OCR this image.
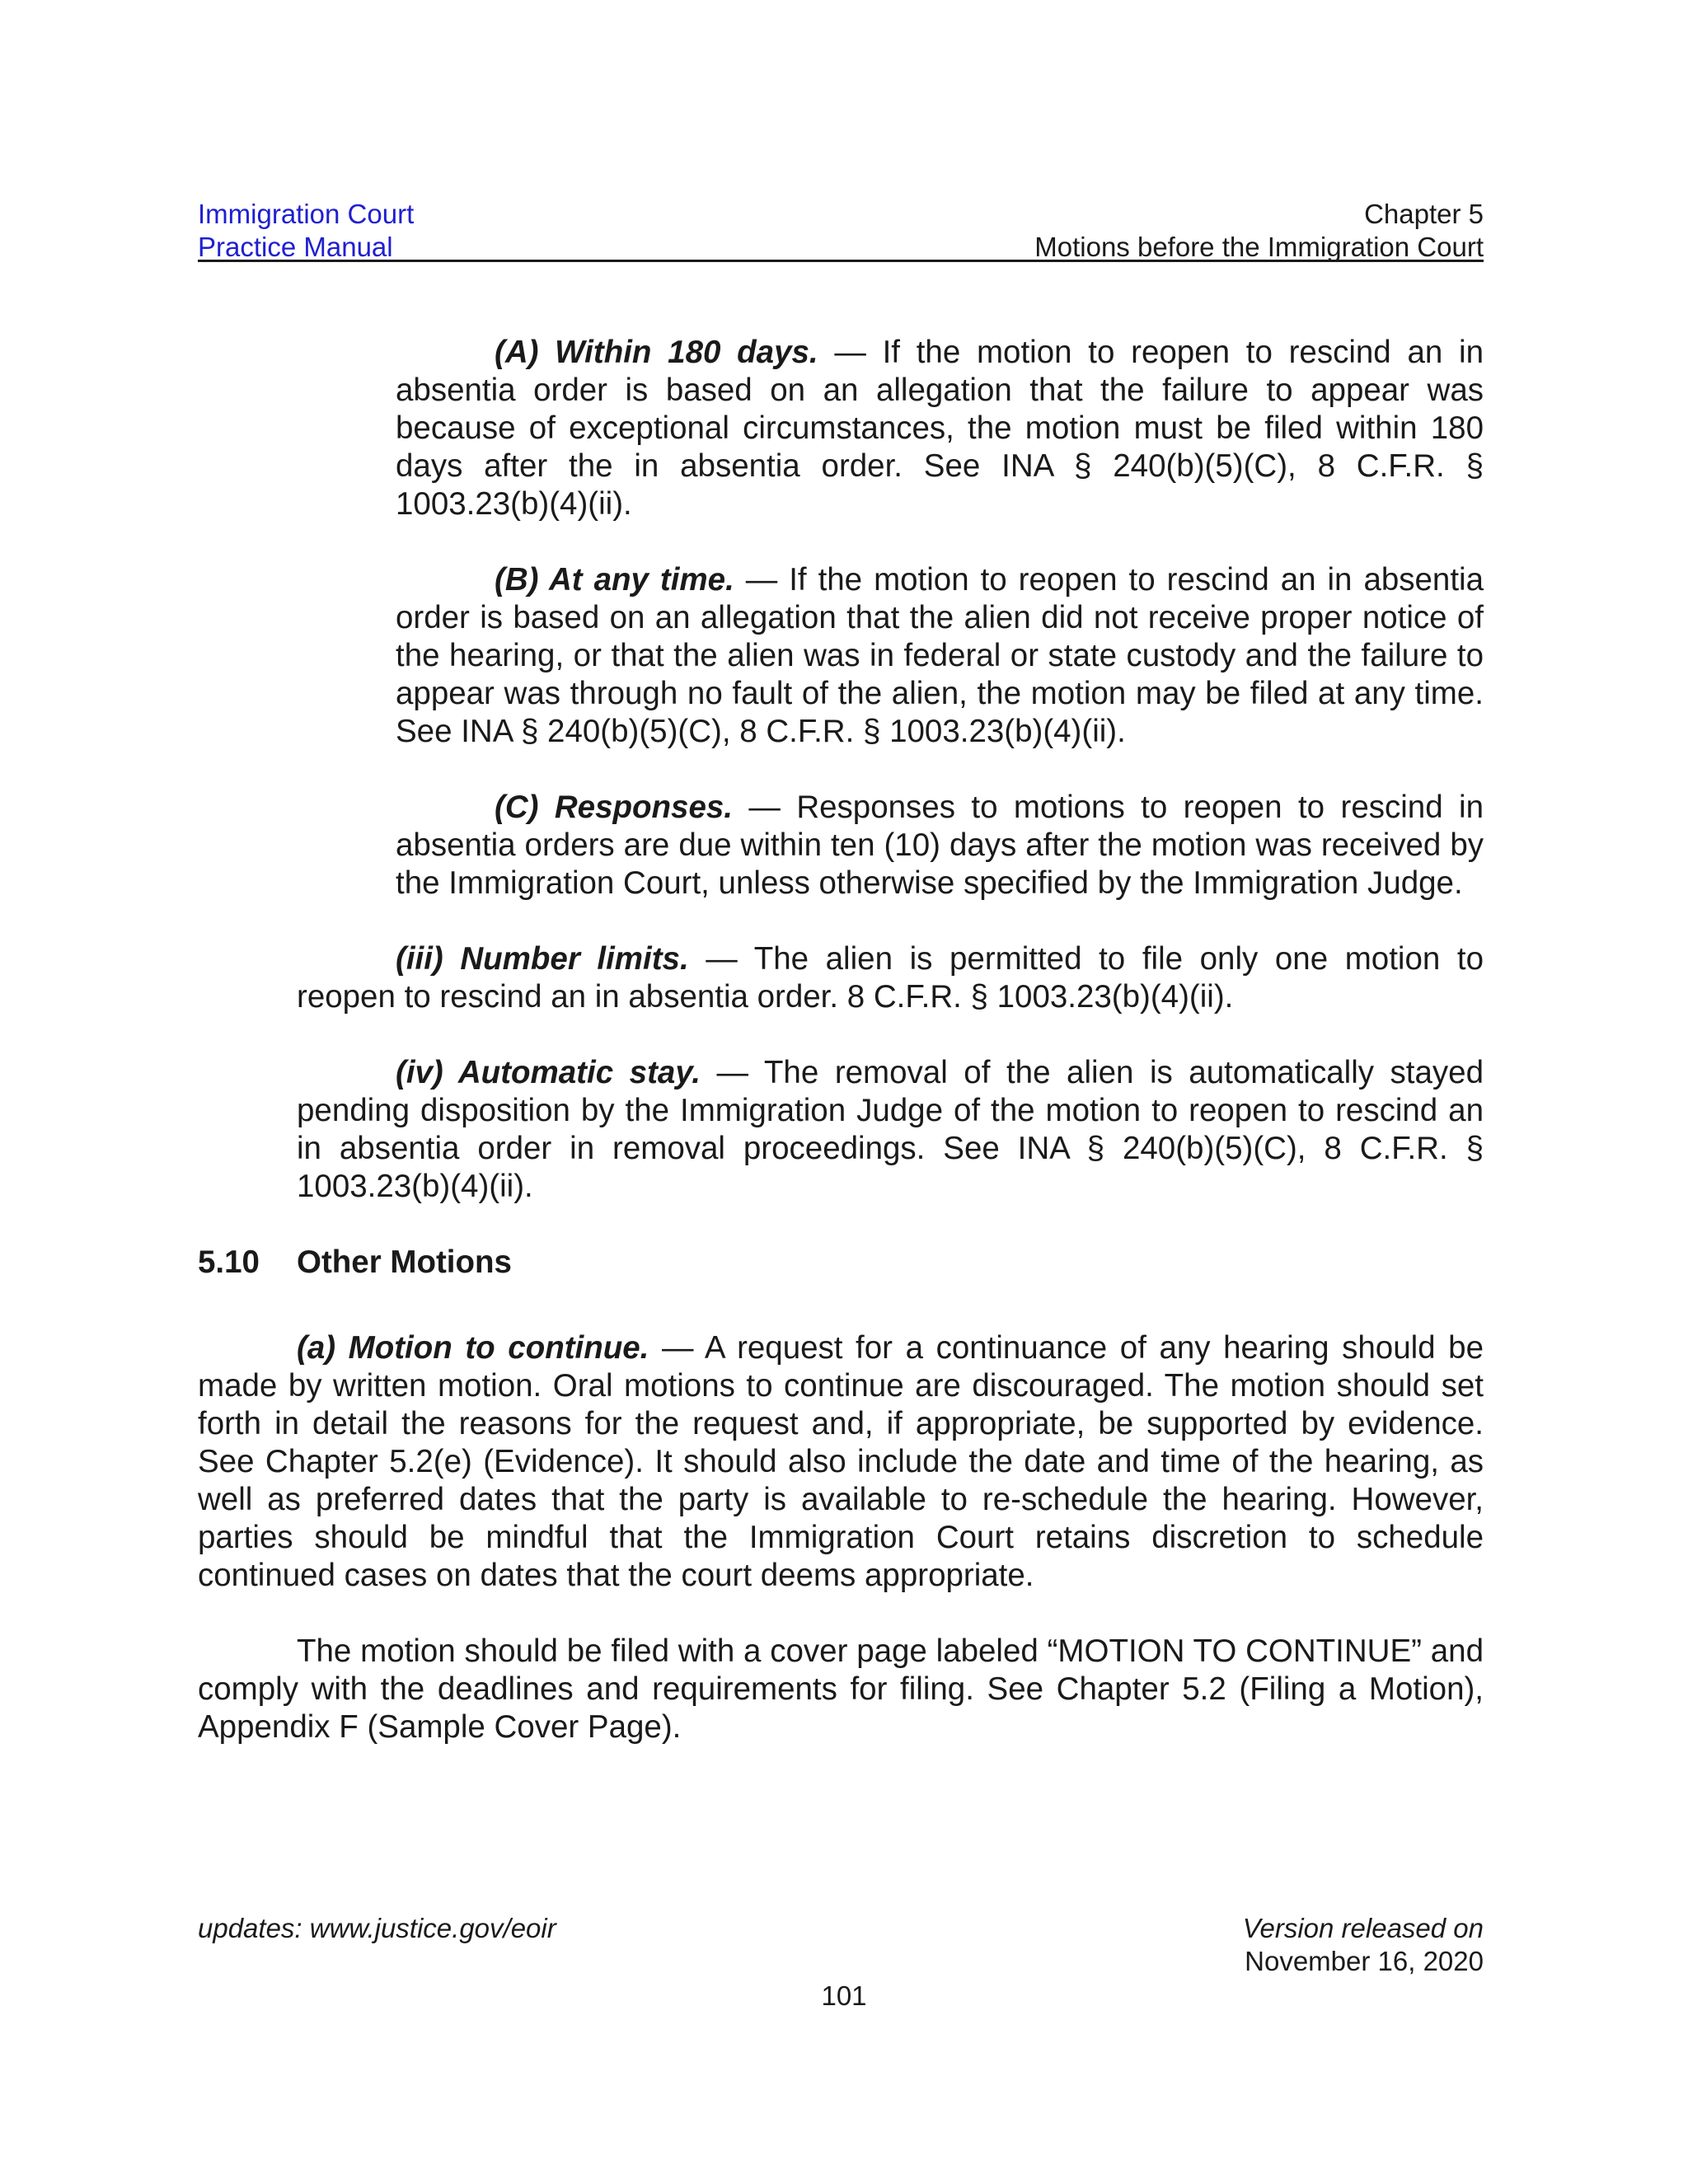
Immigration Court
Practice Manual
Chapter 5
Motions before the Immigration Court

(A) Within 180 days. — If the motion to reopen to rescind an in absentia order is based on an allegation that the failure to appear was because of exceptional circumstances, the motion must be filed within 180 days after the in absentia order. See INA § 240(b)(5)(C), 8 C.F.R. § 1003.23(b)(4)(ii).

(B) At any time. — If the motion to reopen to rescind an in absentia order is based on an allegation that the alien did not receive proper notice of the hearing, or that the alien was in federal or state custody and the failure to appear was through no fault of the alien, the motion may be filed at any time. See INA § 240(b)(5)(C), 8 C.F.R. § 1003.23(b)(4)(ii).

(C) Responses. — Responses to motions to reopen to rescind in absentia orders are due within ten (10) days after the motion was received by the Immigration Court, unless otherwise specified by the Immigration Judge.

(iii) Number limits. — The alien is permitted to file only one motion to reopen to rescind an in absentia order. 8 C.F.R. § 1003.23(b)(4)(ii).

(iv) Automatic stay. — The removal of the alien is automatically stayed pending disposition by the Immigration Judge of the motion to reopen to rescind an in absentia order in removal proceedings. See INA § 240(b)(5)(C), 8 C.F.R. § 1003.23(b)(4)(ii).

5.10	Other Motions

(a) Motion to continue. — A request for a continuance of any hearing should be made by written motion. Oral motions to continue are discouraged. The motion should set forth in detail the reasons for the request and, if appropriate, be supported by evidence. See Chapter 5.2(e) (Evidence). It should also include the date and time of the hearing, as well as preferred dates that the party is available to re-schedule the hearing. However, parties should be mindful that the Immigration Court retains discretion to schedule continued cases on dates that the court deems appropriate.

The motion should be filed with a cover page labeled “MOTION TO CONTINUE” and comply with the deadlines and requirements for filing. See Chapter 5.2 (Filing a Motion), Appendix F (Sample Cover Page).

updates: www.justice.gov/eoir	Version released on
November 16, 2020
101
